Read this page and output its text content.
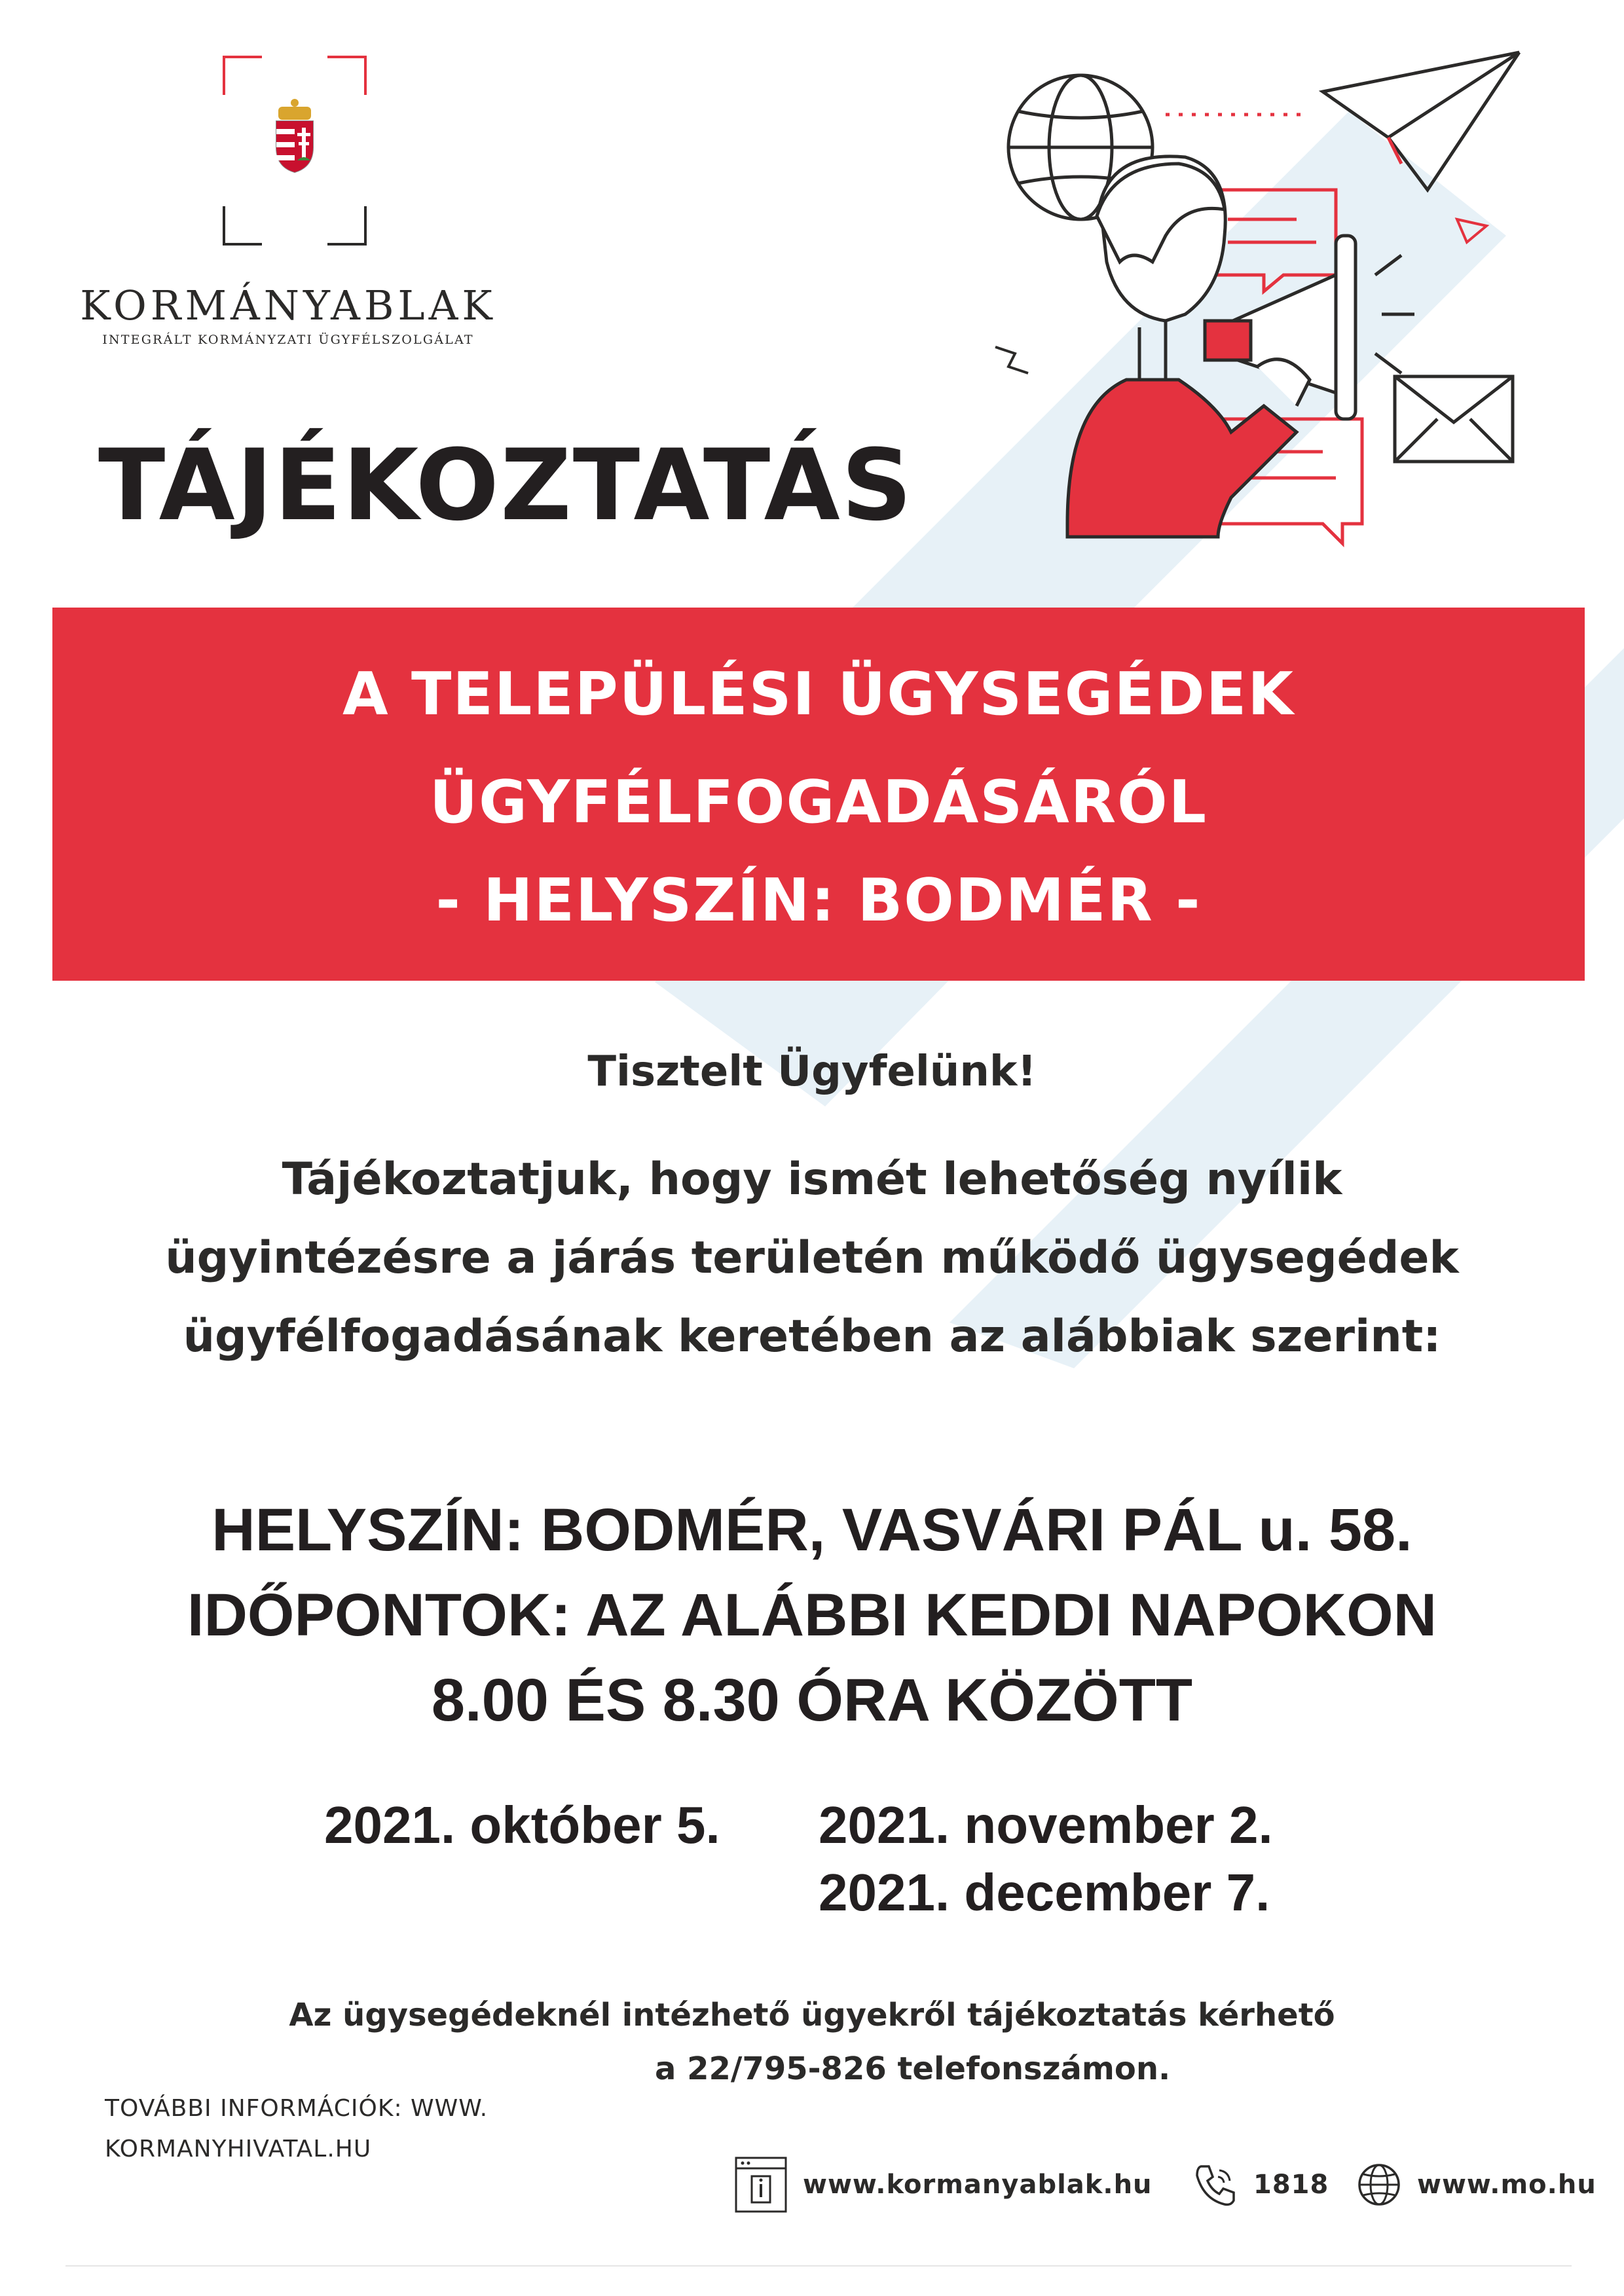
KORMÁNYABLAK
INTEGRÁLT KORMÁNYZATI ÜGYFÉLSZOLGÁLAT
TÁJÉKOZTATÁS
A TELEPÜLÉSI ÜGYSEGÉDEK
ÜGYFÉLFOGADÁSÁRÓL
- HELYSZÍN: BODMÉR -
Tisztelt Ügyfelünk!
Tájékoztatjuk, hogy ismét lehetőség nyílik
ügyintézésre a járás területén működő ügysegédek
ügyfélfogadásának keretében az alábbiak szerint:
HELYSZÍN: BODMÉR, VASVÁRI PÁL u. 58.
IDŐPONTOK: AZ ALÁBBI KEDDI NAPOKON
8.00 ÉS 8.30 ÓRA KÖZÖTT
2021. október 5. 2021. november 2.
2021. december 7.
Az ügysegédeknél intézhető ügyekről tájékoztatás kérhető
a 22/795-826 telefonszámon.
TOVÁBBI INFORMÁCIÓK: WWW.
KORMANYHIVATAL.HU
www.kormanyablak.hu	1818	www.mo.hu
